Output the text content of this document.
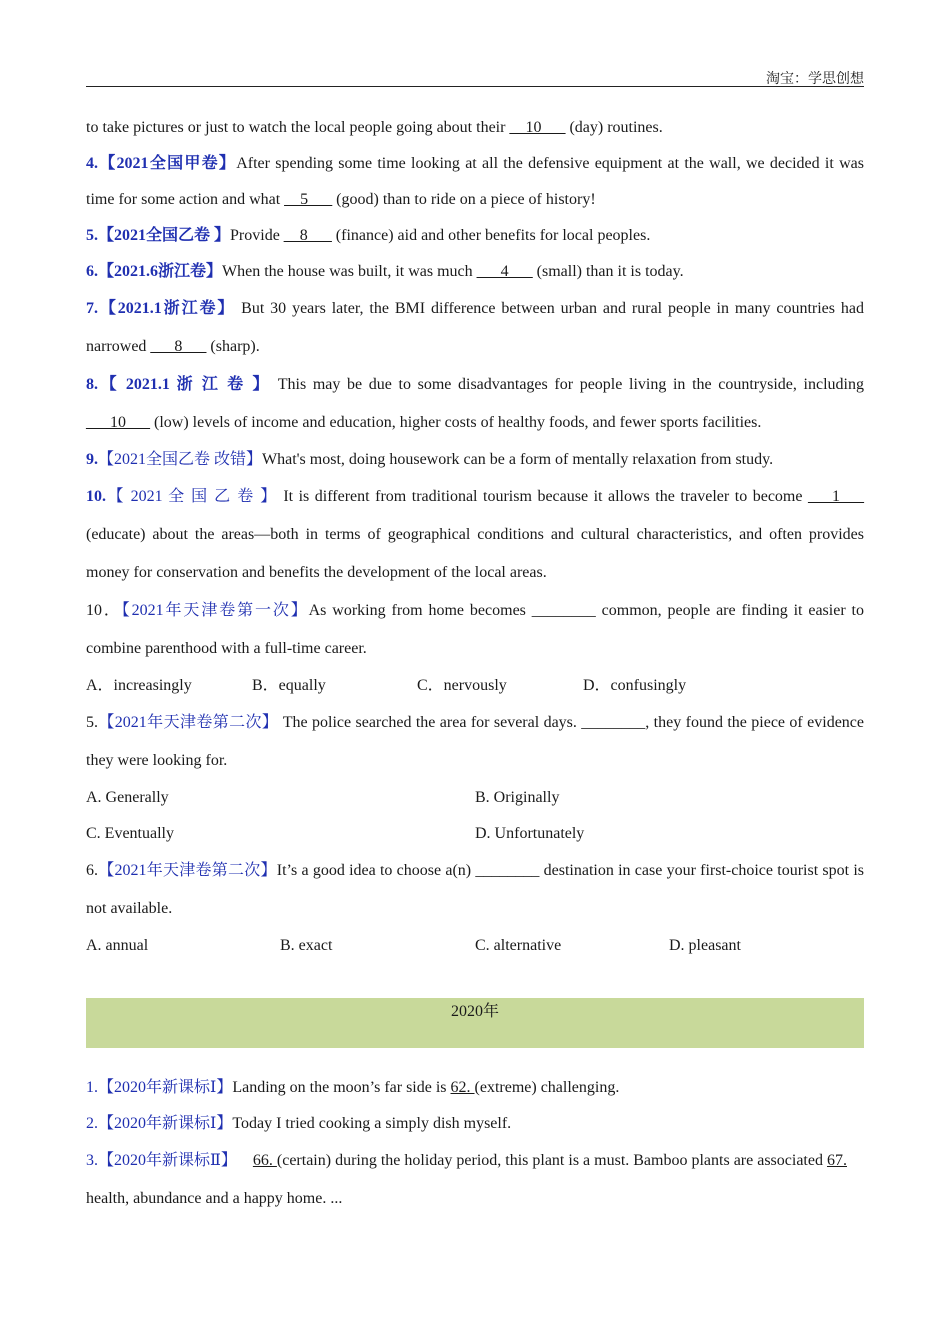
淘宝：学思创想

to take pictures or just to watch the local people going about their __10___ (day) routines.

4.【2021全国甲卷】After spending some time looking at all the defensive equipment at the wall, we decided it was time for some action and what __5___ (good) than to ride on a piece of history!

5.【2021全国乙卷 】Provide __8___ (finance) aid and other benefits for local peoples.

6.【2021.6浙江卷】When the house was built, it was much ___4___ (small) than it is today.

7.【2021.1浙江卷】 But 30 years later, the BMI difference between urban and rural people in many countries had narrowed ___8___ (sharp).

8.【 2021.1 浙 江 卷 】 This may be due to some disadvantages for people living in the countryside, including ___10___ (low) levels of income and education, higher costs of healthy foods, and fewer sports facilities.

9.【2021全国乙卷 改错】What's most, doing housework can be a form of mentally relaxation from study.

10.【 2021 全 国 乙 卷 】 It is different from traditional tourism because it allows the traveler to become ___1___ (educate) about the areas—both in terms of geographical conditions and cultural characteristics, and often provides money for conservation and benefits the development of the local areas.

10．【2021年天津卷第一次】As working from home becomes ________ common, people are finding it easier to combine parenthood with a full-time career.

A．increasingly	B．equally	C．nervously	D．confusingly

5.【2021年天津卷第二次】 The police searched the area for several days. ________, they found the piece of evidence they were looking for.

A. Generally	B. Originally
C. Eventually	D. Unfortunately

6.【2021年天津卷第二次】It’s a good idea to choose a(n) ________ destination in case your first-choice tourist spot is not available.

A. annual	B. exact	C. alternative	D. pleasant
2020年

1.【2020年新课标Ⅰ】Landing on the moon’s far side is 62. (extreme) challenging.

2.【2020年新课标Ⅰ】Today I tried cooking a simply dish myself.

3.【2020年新课标Ⅱ】 66. (certain) during the holiday period, this plant is a must. Bamboo plants are associated 67. health, abundance and a happy home. ...
